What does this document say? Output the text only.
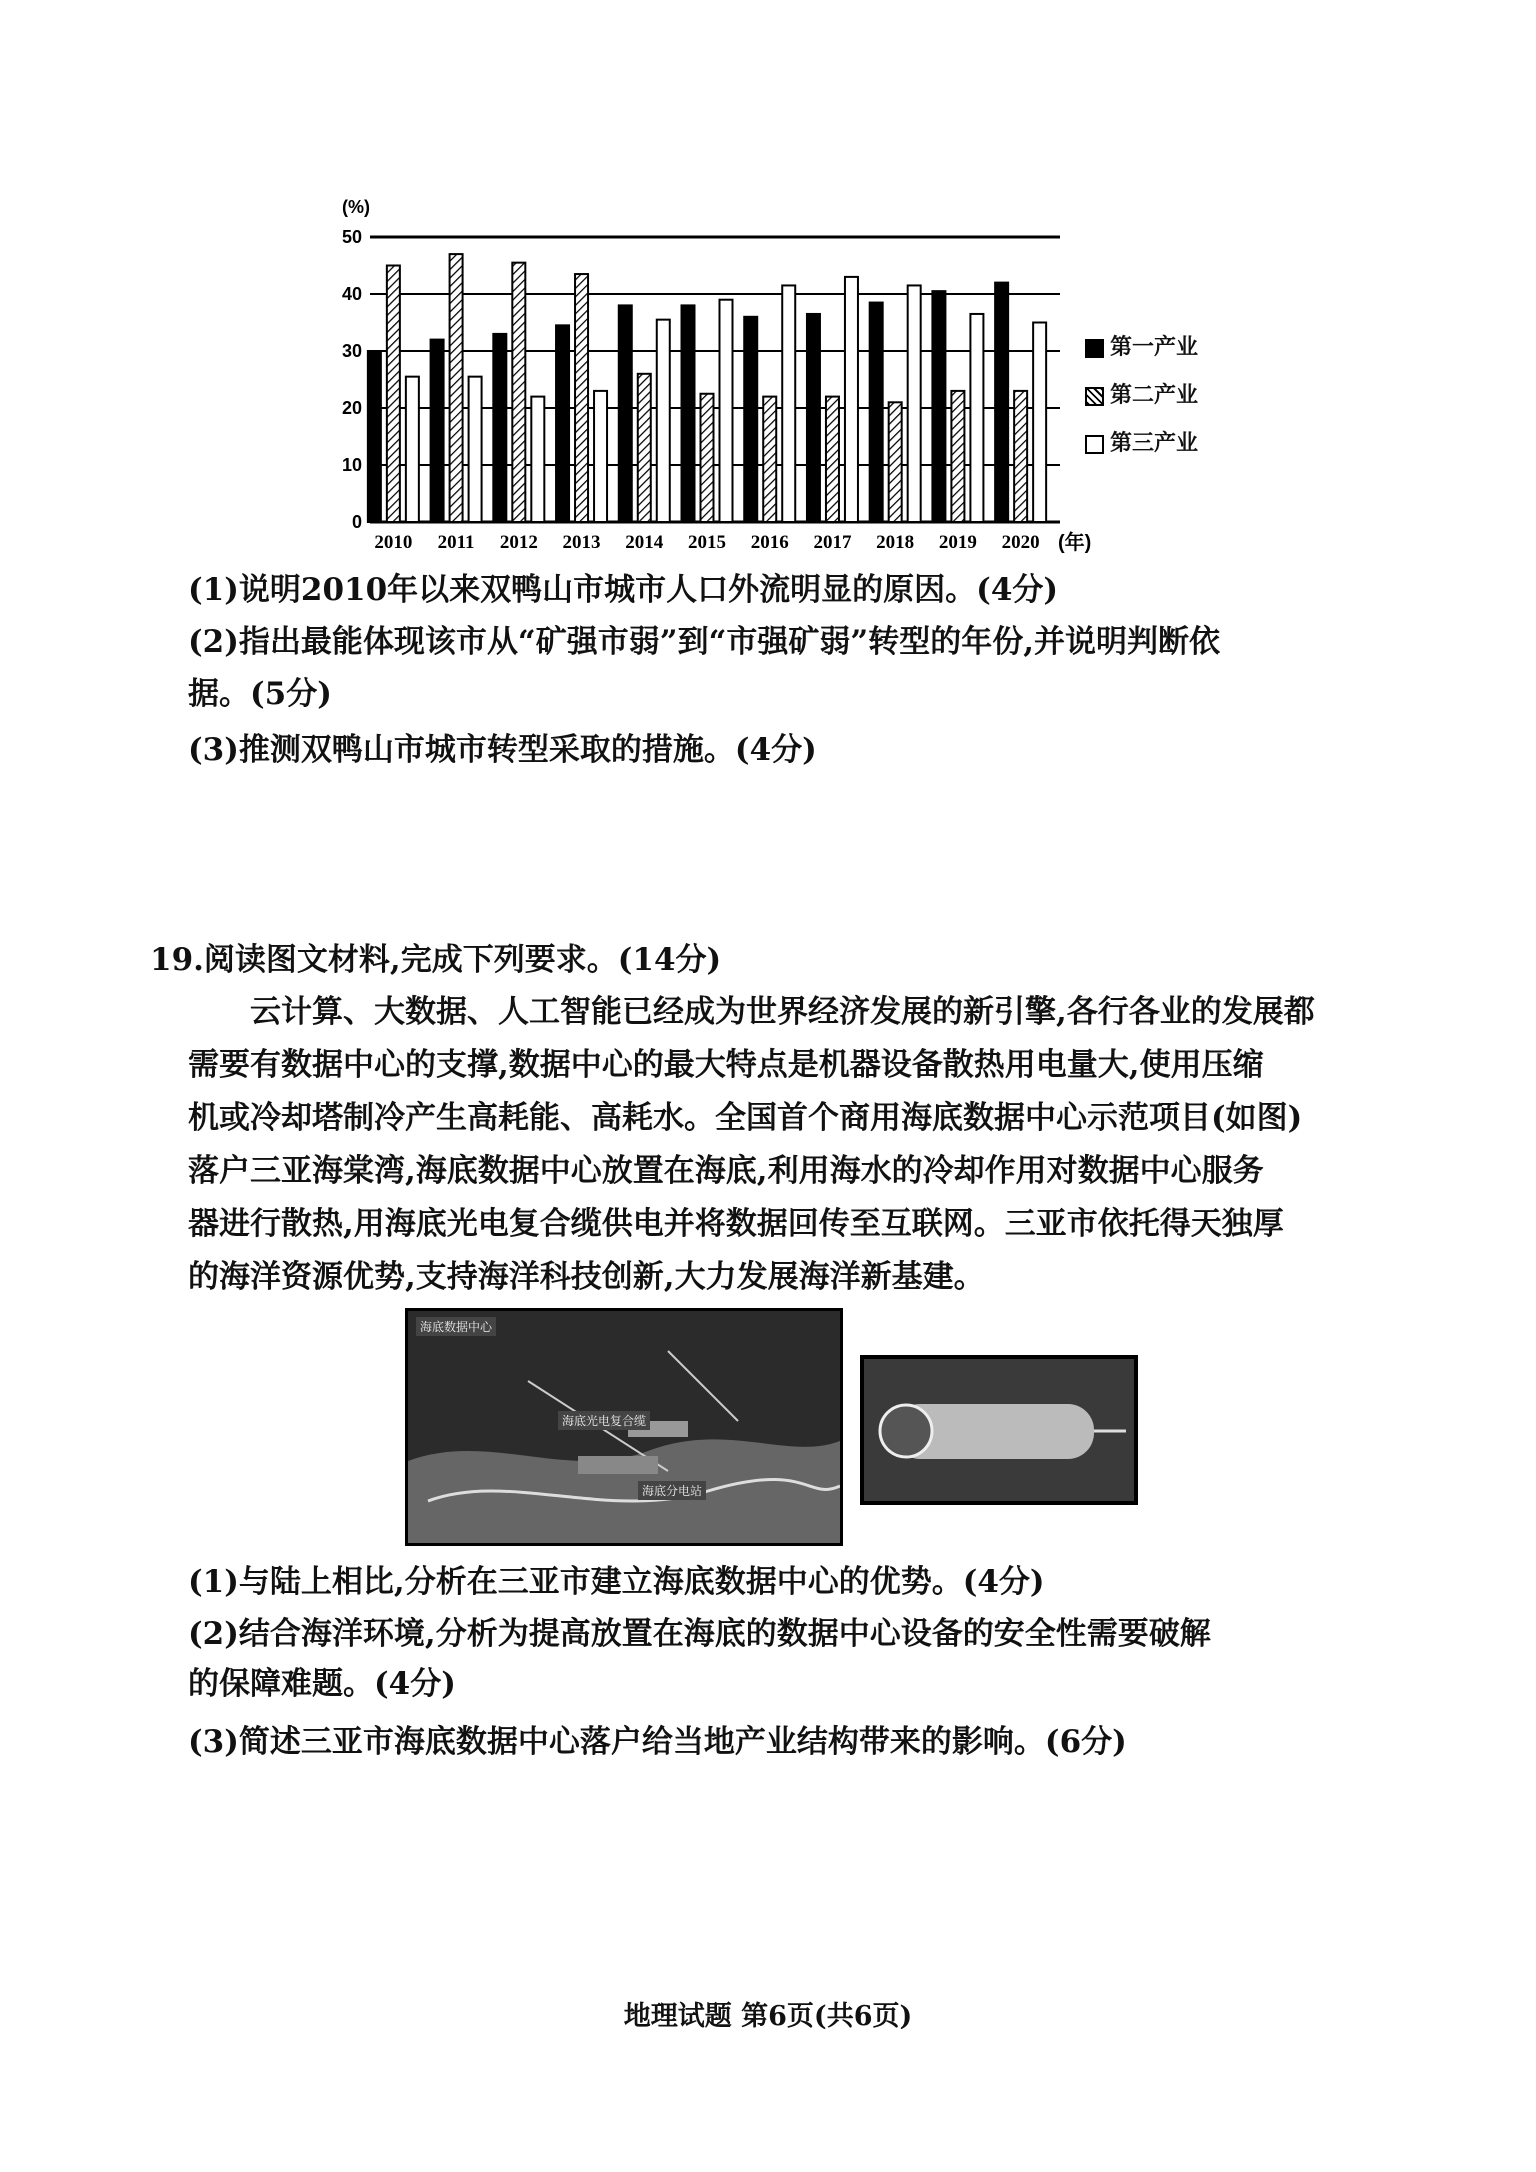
0
10
20
30
40
50
2010 2011 2012 2013 2014 2015 2016 2017 2018 2019 2020
(%)
(年)
第一产业
第二产业
第三产业
(1)说明2010年以来双鸭山市城市人口外流明显的原因。(4分)
(2)指出最能体现该市从“矿强市弱”到“市强矿弱”转型的年份,并说明判断依
据。(5分)
(3)推测双鸭山市城市转型采取的措施。(4分)
19.阅读图文材料,完成下列要求。(14分)

云计算、大数据、人工智能已经成为世界经济发展的新引擎,各行各业的发展都

需要有数据中心的支撑,数据中心的最大特点是机器设备散热用电量大,使用压缩

机或冷却塔制冷产生高耗能、高耗水。全国首个商用海底数据中心示范项目(如图)

落户三亚海棠湾,海底数据中心放置在海底,利用海水的冷却作用对数据中心服务

器进行散热,用海底光电复合缆供电并将数据回传至互联网。三亚市依托得天独厚

的海洋资源优势,支持海洋科技创新,大力发展海洋新基建。

海底数据中心
海底光电复合缆
海底分电站
(1)与陆上相比,分析在三亚市建立海底数据中心的优势。(4分)
(2)结合海洋环境,分析为提高放置在海底的数据中心设备的安全性需要破解
的保障难题。(4分)
(3)简述三亚市海底数据中心落户给当地产业结构带来的影响。(6分)
地理试题 第6页(共6页)
